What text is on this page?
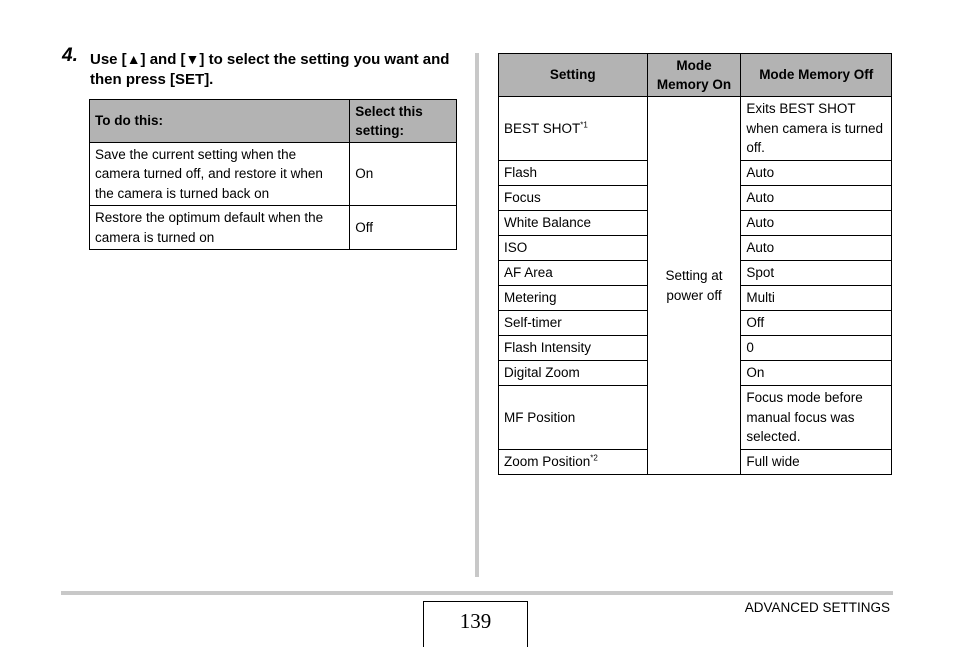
4. Use [▲] and [▼] to select the setting you want and then press [SET].
To do this:	Select this setting:
Save the current setting when the camera turned off, and restore it when the camera is turned back on	On
Restore the optimum default when the camera is turned on	Off
Setting	Mode Memory On	Mode Memory Off
BEST SHOT$^{*1}$	Setting at power off	Exits BEST SHOT when camera is turned off.
Flash		Auto
Focus		Auto
White Balance		Auto
ISO		Auto
AF Area		Spot
Metering		Multi
Self-timer		Off
Flash Intensity		0
Digital Zoom		On
MF Position		Focus mode before manual focus was selected.
Zoom Position$^{*2}$		Full wide
139
ADVANCED SETTINGS
